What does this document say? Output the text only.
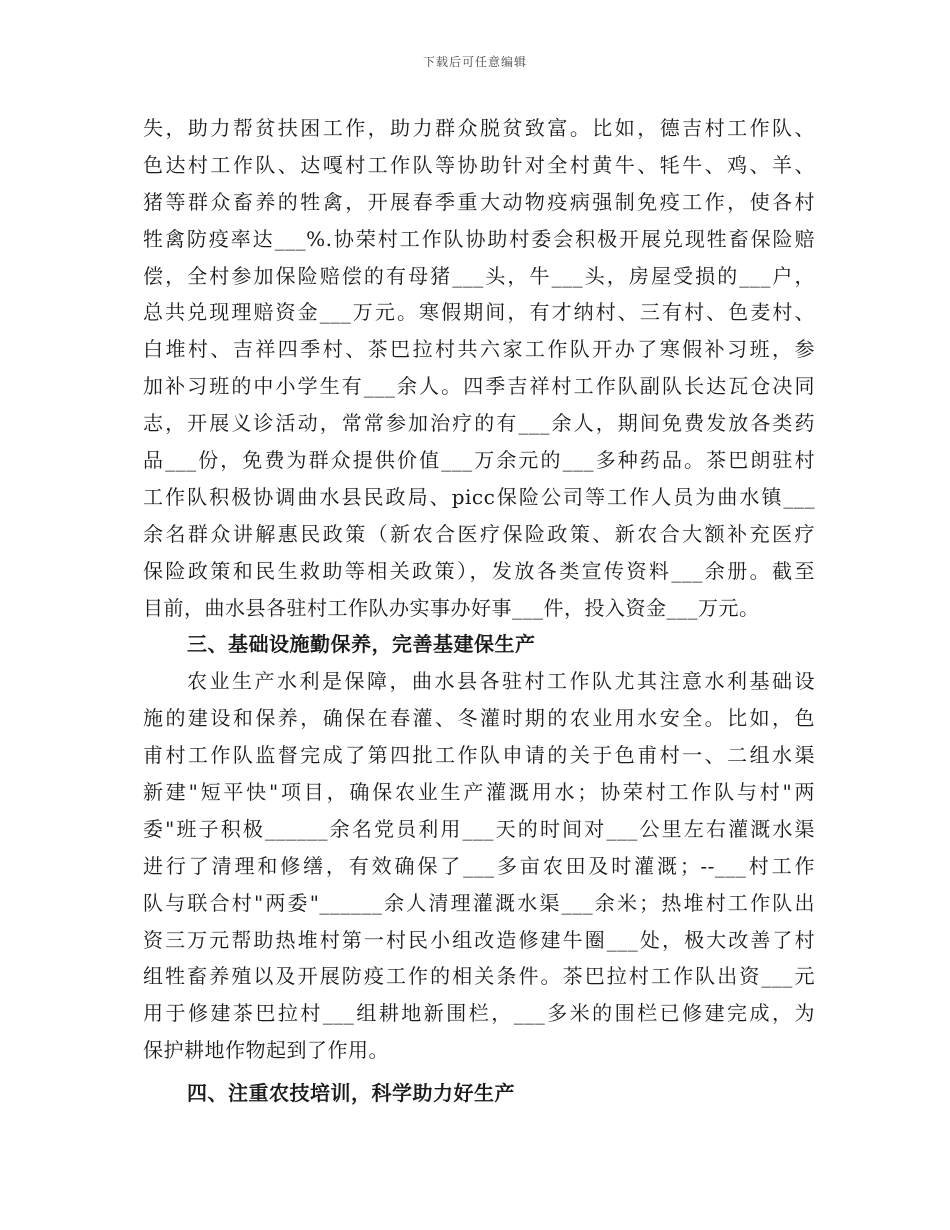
下载后可任意编辑
失，助力帮贫扶困工作，助力群众脱贫致富。比如，德吉村工作队、
色达村工作队、达嘎村工作队等协助针对全村黄牛、牦牛、鸡、羊、
猪等群众畜养的牲禽，开展春季重大动物疫病强制免疫工作，使各村
牲禽防疫率达___%.协荣村工作队协助村委会积极开展兑现牲畜保险赔
偿，全村参加保险赔偿的有母猪___头，牛___头，房屋受损的___户，
总共兑现理赔资金___万元。寒假期间，有才纳村、三有村、色麦村、
白堆村、吉祥四季村、茶巴拉村共六家工作队开办了寒假补习班，参
加补习班的中小学生有___余人。四季吉祥村工作队副队长达瓦仓决同
志，开展义诊活动，常常参加治疗的有___余人，期间免费发放各类药
品___份，免费为群众提供价值___万余元的___多种药品。茶巴朗驻村
工作队积极协调曲水县民政局、picc保险公司等工作人员为曲水镇___
余名群众讲解惠民政策（新农合医疗保险政策、新农合大额补充医疗
保险政策和民生救助等相关政策），发放各类宣传资料___余册。截至
目前，曲水县各驻村工作队办实事办好事___件，投入资金___万元。
三、基础设施勤保养，完善基建保生产
农业生产水利是保障，曲水县各驻村工作队尤其注意水利基础设
施的建设和保养，确保在春灌、冬灌时期的农业用水安全。比如，色
甫村工作队监督完成了第四批工作队申请的关于色甫村一、二组水渠
新建"短平快"项目，确保农业生产灌溉用水；协荣村工作队与村"两
委"班子积极______余名党员利用___天的时间对___公里左右灌溉水渠
进行了清理和修缮，有效确保了___多亩农田及时灌溉；--___村工作
队与联合村"两委"______余人清理灌溉水渠___余米；热堆村工作队出
资三万元帮助热堆村第一村民小组改造修建牛圈___处，极大改善了村
组牲畜养殖以及开展防疫工作的相关条件。茶巴拉村工作队出资___元
用于修建茶巴拉村___组耕地新围栏，___多米的围栏已修建完成，为
保护耕地作物起到了作用。
四、注重农技培训，科学助力好生产
